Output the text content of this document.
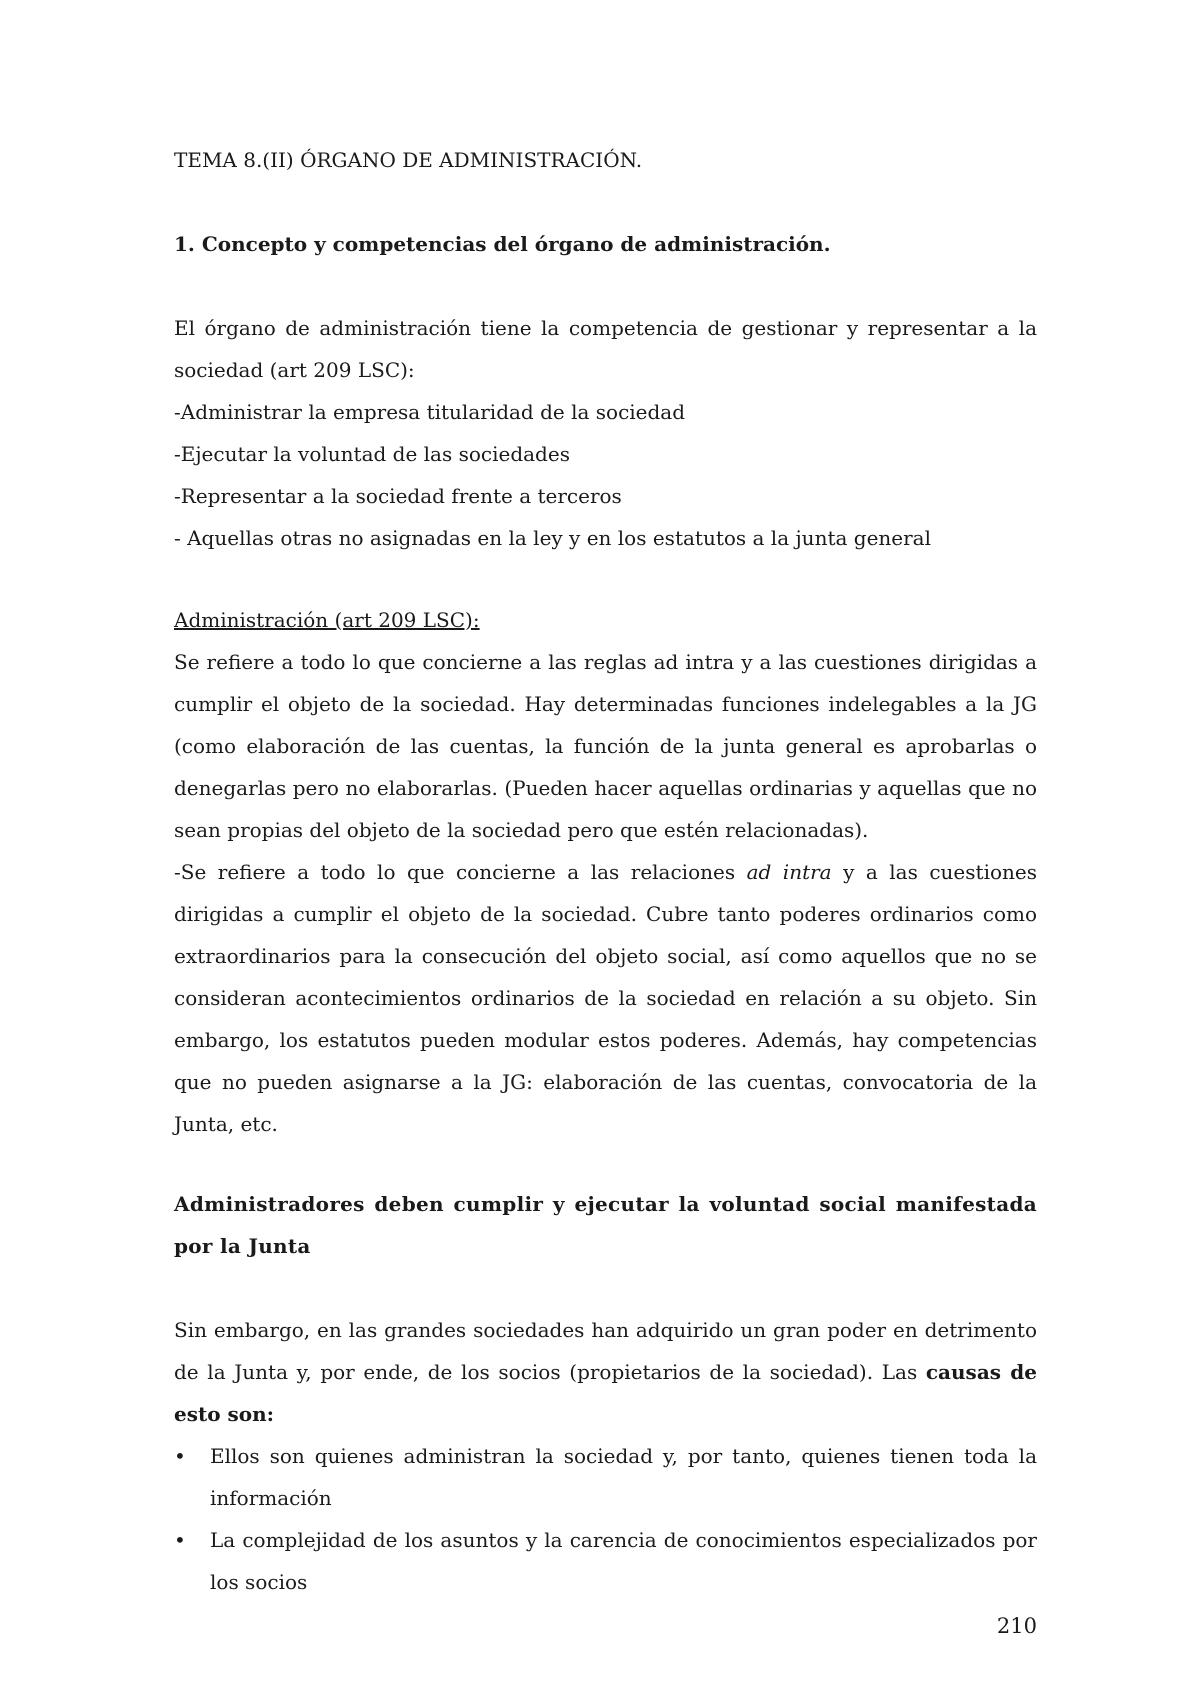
TEMA 8.(II) ÓRGANO DE ADMINISTRACIÓN.

1. Concepto y competencias del órgano de administración.

El órgano de administración tiene la competencia de gestionar y representar a la sociedad (art 209 LSC):

-Administrar la empresa titularidad de la sociedad

-Ejecutar la voluntad de las sociedades

-Representar a la sociedad frente a terceros

- Aquellas otras no asignadas en la ley y en los estatutos a la junta general

Administración (art 209 LSC):

Se refiere a todo lo que concierne a las reglas ad intra y a las cuestiones dirigidas a cumplir el objeto de la sociedad. Hay determinadas funciones indelegables a la JG (como elaboración de las cuentas, la función de la junta general es aprobarlas o denegarlas pero no elaborarlas. (Pueden hacer aquellas ordinarias y aquellas que no sean propias del objeto de la sociedad pero que estén relacionadas).

-Se refiere a todo lo que concierne a las relaciones ad intra y a las cuestiones dirigidas a cumplir el objeto de la sociedad. Cubre tanto poderes ordinarios como extraordinarios para la consecución del objeto social, así como aquellos que no se consideran acontecimientos ordinarios de la sociedad en relación a su objeto. Sin embargo, los estatutos pueden modular estos poderes. Además, hay competencias que no pueden asignarse a la JG: elaboración de las cuentas, convocatoria de la Junta, etc.

Administradores deben cumplir y ejecutar la voluntad social manifestada por la Junta

Sin embargo, en las grandes sociedades han adquirido un gran poder en detrimento de la Junta y, por ende, de los socios (propietarios de la sociedad). Las causas de esto son:

• Ellos son quienes administran la sociedad y, por tanto, quienes tienen toda la información
• La complejidad de los asuntos y la carencia de conocimientos especializados por los socios
210
